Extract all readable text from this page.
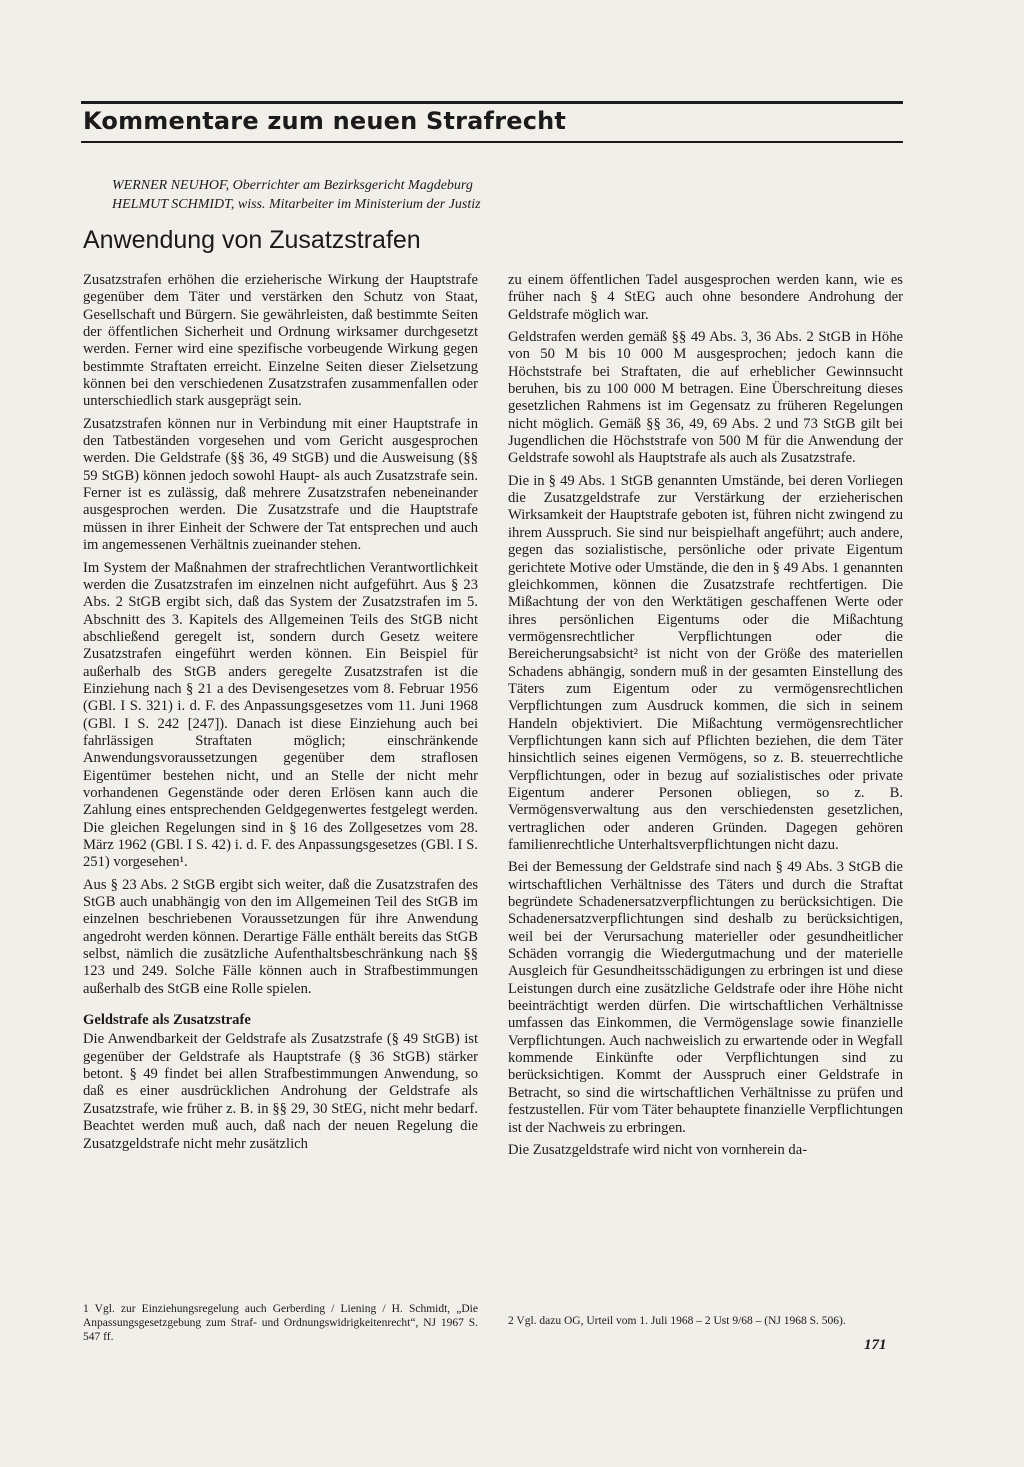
Kommentare zum neuen Strafrecht
WERNER NEUHOF, Oberrichter am Bezirksgericht Magdeburg
HELMUT SCHMIDT, wiss. Mitarbeiter im Ministerium der Justiz
Anwendung von Zusatzstrafen

Zusatzstrafen erhöhen die erzieherische Wirkung der Hauptstrafe gegenüber dem Täter und verstärken den Schutz von Staat, Gesellschaft und Bürgern. Sie gewährleisten, daß bestimmte Seiten der öffentlichen Sicherheit und Ordnung wirksamer durchgesetzt werden. Ferner wird eine spezifische vorbeugende Wirkung gegen bestimmte Straftaten erreicht. Einzelne Seiten dieser Zielsetzung können bei den verschiedenen Zusatzstrafen zusammenfallen oder unterschiedlich stark ausgeprägt sein.

Zusatzstrafen können nur in Verbindung mit einer Hauptstrafe in den Tatbeständen vorgesehen und vom Gericht ausgesprochen werden. Die Geldstrafe (§§ 36, 49 StGB) und die Ausweisung (§§ 59 StGB) können jedoch sowohl Haupt- als auch Zusatzstrafe sein. Ferner ist es zulässig, daß mehrere Zusatzstrafen nebeneinander ausgesprochen werden. Die Zusatzstrafe und die Hauptstrafe müssen in ihrer Einheit der Schwere der Tat entsprechen und auch im angemessenen Verhältnis zueinander stehen.

Im System der Maßnahmen der strafrechtlichen Verantwortlichkeit werden die Zusatzstrafen im einzelnen nicht aufgeführt. Aus § 23 Abs. 2 StGB ergibt sich, daß das System der Zusatzstrafen im 5. Abschnitt des 3. Kapitels des Allgemeinen Teils des StGB nicht abschließend geregelt ist, sondern durch Gesetz weitere Zusatzstrafen eingeführt werden können. Ein Beispiel für außerhalb des StGB anders geregelte Zusatzstrafen ist die Einziehung nach § 21 a des Devisengesetzes vom 8. Februar 1956 (GBl. I S. 321) i. d. F. des Anpassungsgesetzes vom 11. Juni 1968 (GBl. I S. 242 [247]). Danach ist diese Einziehung auch bei fahrlässigen Straftaten möglich; einschränkende Anwendungsvoraussetzungen gegenüber dem straflosen Eigentümer bestehen nicht, und an Stelle der nicht mehr vorhandenen Gegenstände oder deren Erlösen kann auch die Zahlung eines entsprechenden Geldgegenwertes festgelegt werden. Die gleichen Regelungen sind in § 16 des Zollgesetzes vom 28. März 1962 (GBl. I S. 42) i. d. F. des Anpassungsgesetzes (GBl. I S. 251) vorgesehen¹.

Aus § 23 Abs. 2 StGB ergibt sich weiter, daß die Zusatzstrafen des StGB auch unabhängig von den im Allgemeinen Teil des StGB im einzelnen beschriebenen Voraussetzungen für ihre Anwendung angedroht werden können. Derartige Fälle enthält bereits das StGB selbst, nämlich die zusätzliche Aufenthaltsbeschränkung nach §§ 123 und 249. Solche Fälle können auch in Strafbestimmungen außerhalb des StGB eine Rolle spielen.

Geldstrafe als Zusatzstrafe

Die Anwendbarkeit der Geldstrafe als Zusatzstrafe (§ 49 StGB) ist gegenüber der Geldstrafe als Hauptstrafe (§ 36 StGB) stärker betont. § 49 findet bei allen Strafbestimmungen Anwendung, so daß es einer ausdrücklichen Androhung der Geldstrafe als Zusatzstrafe, wie früher z. B. in §§ 29, 30 StEG, nicht mehr bedarf. Beachtet werden muß auch, daß nach der neuen Regelung die Zusatzgeldstrafe nicht mehr zusätzlich

zu einem öffentlichen Tadel ausgesprochen werden kann, wie es früher nach § 4 StEG auch ohne besondere Androhung der Geldstrafe möglich war.

Geldstrafen werden gemäß §§ 49 Abs. 3, 36 Abs. 2 StGB in Höhe von 50 M bis 10 000 M ausgesprochen; jedoch kann die Höchststrafe bei Straftaten, die auf erheblicher Gewinnsucht beruhen, bis zu 100 000 M betragen. Eine Überschreitung dieses gesetzlichen Rahmens ist im Gegensatz zu früheren Regelungen nicht möglich. Gemäß §§ 36, 49, 69 Abs. 2 und 73 StGB gilt bei Jugendlichen die Höchststrafe von 500 M für die Anwendung der Geldstrafe sowohl als Hauptstrafe als auch als Zusatzstrafe.

Die in § 49 Abs. 1 StGB genannten Umstände, bei deren Vorliegen die Zusatzgeldstrafe zur Verstärkung der erzieherischen Wirksamkeit der Hauptstrafe geboten ist, führen nicht zwingend zu ihrem Ausspruch. Sie sind nur beispielhaft angeführt; auch andere, gegen das sozialistische, persönliche oder private Eigentum gerichtete Motive oder Umstände, die den in § 49 Abs. 1 genannten gleichkommen, können die Zusatzstrafe rechtfertigen. Die Mißachtung der von den Werktätigen geschaffenen Werte oder ihres persönlichen Eigentums oder die Mißachtung vermögensrechtlicher Verpflichtungen oder die Bereicherungsabsicht² ist nicht von der Größe des materiellen Schadens abhängig, sondern muß in der gesamten Einstellung des Täters zum Eigentum oder zu vermögensrechtlichen Verpflichtungen zum Ausdruck kommen, die sich in seinem Handeln objektiviert. Die Mißachtung vermögensrechtlicher Verpflichtungen kann sich auf Pflichten beziehen, die dem Täter hinsichtlich seines eigenen Vermögens, so z. B. steuerrechtliche Verpflichtungen, oder in bezug auf sozialistisches oder private Eigentum anderer Personen obliegen, so z. B. Vermögensverwaltung aus den verschiedensten gesetzlichen, vertraglichen oder anderen Gründen. Dagegen gehören familienrechtliche Unterhaltsverpflichtungen nicht dazu.

Bei der Bemessung der Geldstrafe sind nach § 49 Abs. 3 StGB die wirtschaftlichen Verhältnisse des Täters und durch die Straftat begründete Schadenersatzverpflichtungen zu berücksichtigen. Die Schadenersatzverpflichtungen sind deshalb zu berücksichtigen, weil bei der Verursachung materieller oder gesundheitlicher Schäden vorrangig die Wiedergutmachung und der materielle Ausgleich für Gesundheitsschädigungen zu erbringen ist und diese Leistungen durch eine zusätzliche Geldstrafe oder ihre Höhe nicht beeinträchtigt werden dürfen. Die wirtschaftlichen Verhältnisse umfassen das Einkommen, die Vermögenslage sowie finanzielle Verpflichtungen. Auch nachweislich zu erwartende oder in Wegfall kommende Einkünfte oder Verpflichtungen sind zu berücksichtigen. Kommt der Ausspruch einer Geldstrafe in Betracht, so sind die wirtschaftlichen Verhältnisse zu prüfen und festzustellen. Für vom Täter behauptete finanzielle Verpflichtungen ist der Nachweis zu erbringen.

Die Zusatzgeldstrafe wird nicht von vornherein da-

1 Vgl. zur Einziehungsregelung auch Gerberding / Liening / H. Schmidt, „Die Anpassungsgesetzgebung zum Straf- und Ordnungswidrigkeitenrecht“, NJ 1967 S. 547 ff.
2 Vgl. dazu OG, Urteil vom 1. Juli 1968 – 2 Ust 9/68 – (NJ 1968 S. 506).
171
